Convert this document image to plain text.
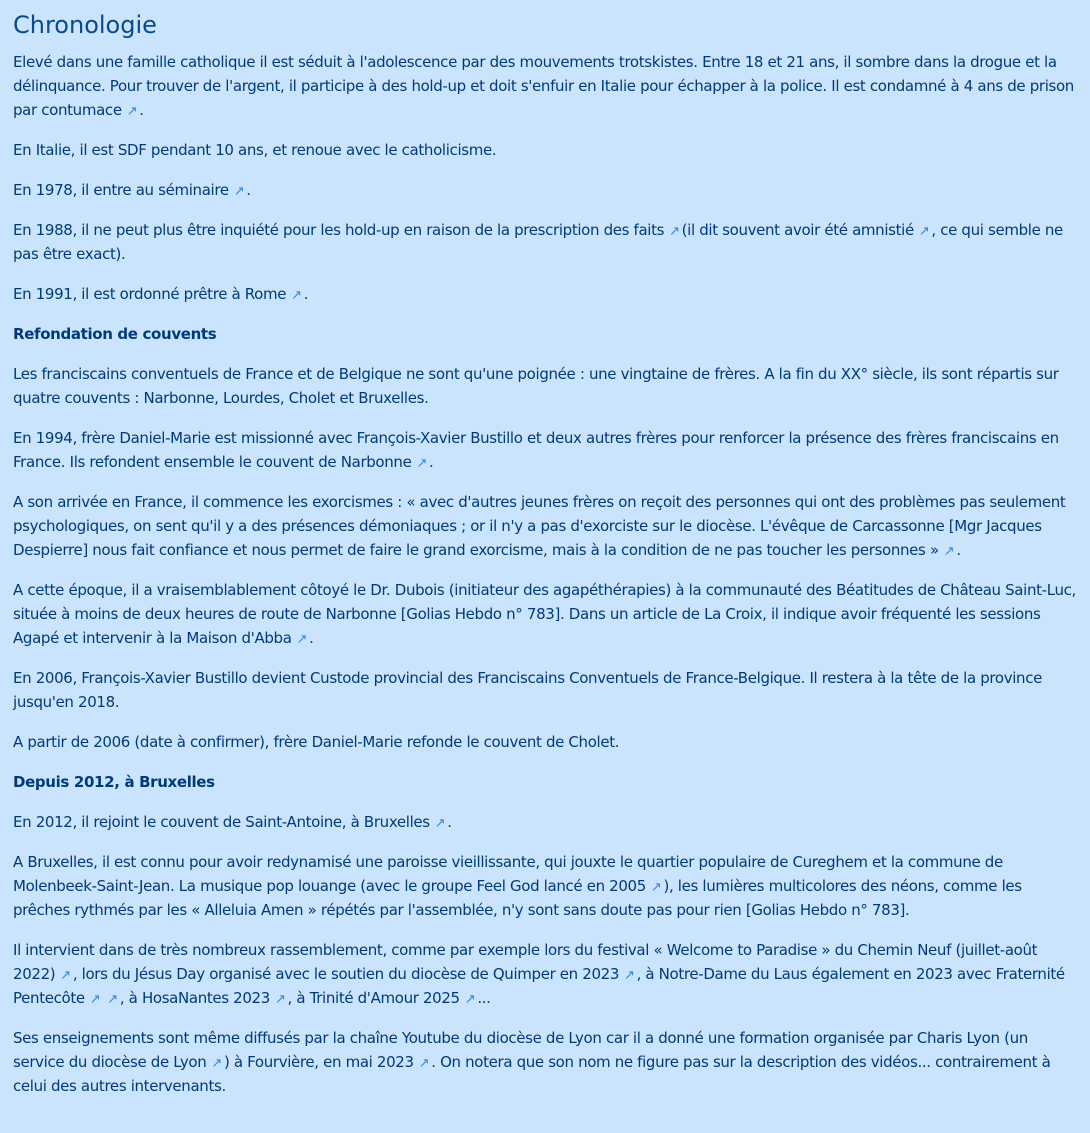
Chronologie

Elevé dans une famille catholique il est séduit à l'adolescence par des mouvements trotskistes. Entre 18 et 21 ans, il sombre dans la drogue et la délinquance. Pour trouver de l'argent, il participe à des hold-up et doit s'enfuir en Italie pour échapper à la police. Il est condamné à 4 ans de prison par contumace ↗ .

En Italie, il est SDF pendant 10 ans, et renoue avec le catholicisme.

En 1978, il entre au séminaire ↗ .

En 1988, il ne peut plus être inquiété pour les hold-up en raison de la prescription des faits ↗ (il dit souvent avoir été amnistié ↗ , ce qui semble ne pas être exact).

En 1991, il est ordonné prêtre à Rome ↗ .

Refondation de couvents

Les franciscains conventuels de France et de Belgique ne sont qu'une poignée : une vingtaine de frères. A la fin du XX° siècle, ils sont répartis sur quatre couvents : Narbonne, Lourdes, Cholet et Bruxelles.

En 1994, frère Daniel-Marie est missionné avec François-Xavier Bustillo et deux autres frères pour renforcer la présence des frères franciscains en France. Ils refondent ensemble le couvent de Narbonne ↗ .

A son arrivée en France, il commence les exorcismes : « avec d'autres jeunes frères on reçoit des personnes qui ont des problèmes pas seulement psychologiques, on sent qu'il y a des présences démoniaques ; or il n'y a pas d'exorciste sur le diocèse. L'évêque de Carcassonne [Mgr Jacques Despierre] nous fait confiance et nous permet de faire le grand exorcisme, mais à la condition de ne pas toucher les personnes » ↗ .

A cette époque, il a vraisemblablement côtoyé le Dr. Dubois (initiateur des agapéthérapies) à la communauté des Béatitudes de Château Saint-Luc, située à moins de deux heures de route de Narbonne [Golias Hebdo n° 783]. Dans un article de La Croix, il indique avoir fréquenté les sessions Agapé et intervenir à la Maison d'Abba ↗ .

En 2006, François-Xavier Bustillo devient Custode provincial des Franciscains Conventuels de France-Belgique. Il restera à la tête de la province jusqu'en 2018.

A partir de 2006 (date à confirmer), frère Daniel-Marie refonde le couvent de Cholet.

Depuis 2012, à Bruxelles

En 2012, il rejoint le couvent de Saint-Antoine, à Bruxelles ↗ .

A Bruxelles, il est connu pour avoir redynamisé une paroisse vieillissante, qui jouxte le quartier populaire de Cureghem et la commune de Molenbeek-Saint-Jean. La musique pop louange (avec le groupe Feel God lancé en 2005 ↗ ), les lumières multicolores des néons, comme les prêches rythmés par les « Alleluia Amen » répétés par l'assemblée, n'y sont sans doute pas pour rien [Golias Hebdo n° 783].

Il intervient dans de très nombreux rassemblement, comme par exemple lors du festival « Welcome to Paradise » du Chemin Neuf (juillet-août 2022) ↗ , lors du Jésus Day organisé avec le soutien du diocèse de Quimper en 2023 ↗ , à Notre-Dame du Laus également en 2023 avec Fraternité Pentecôte ↗ ↗ , à HosaNantes 2023 ↗ , à Trinité d'Amour 2025 ↗ ...

Ses enseignements sont même diffusés par la chaîne Youtube du diocèse de Lyon car il a donné une formation organisée par Charis Lyon (un service du diocèse de Lyon ↗ ) à Fourvière, en mai 2023 ↗ . On notera que son nom ne figure pas sur la description des vidéos... contrairement à celui des autres intervenants.
